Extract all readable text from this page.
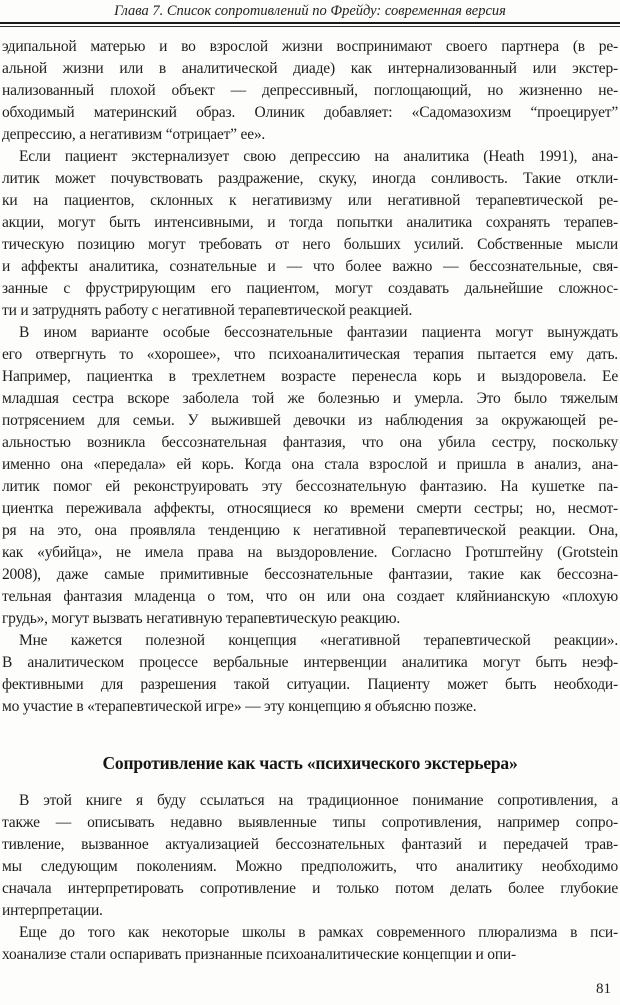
Глава 7. Список сопротивлений по Фрейду: современная версия
эдипальной матерью и во взрослой жизни воспринимают своего партнера (в ре-
альной жизни или в аналитической диаде) как интернализованный или экстер-
нализованный плохой объект — депрессивный, поглощающий, но жизненно не-
обходимый материнский образ. Олиник добавляет: «Садомазохизм “проецирует”
депрессию, а негативизм “отрицает” ее».
Если пациент экстернализует свою депрессию на аналитика (Heath 1991), ана-
литик может почувствовать раздражение, скуку, иногда сонливость. Такие откли-
ки на пациентов, склонных к негативизму или негативной терапевтической ре-
акции, могут быть интенсивными, и тогда попытки аналитика сохранять терапев-
тическую позицию могут требовать от него больших усилий. Собственные мысли
и аффекты аналитика, сознательные и — что более важно — бессознательные, свя-
занные с фрустрирующим его пациентом, могут создавать дальнейшие сложнос-
ти и затруднять работу с негативной терапевтической реакцией.
В ином варианте особые бессознательные фантазии пациента могут вынуждать
его отвергнуть то «хорошее», что психоаналитическая терапия пытается ему дать.
Например, пациентка в трехлетнем возрасте перенесла корь и выздоровела. Ее
младшая сестра вскоре заболела той же болезнью и умерла. Это было тяжелым
потрясением для семьи. У выжившей девочки из наблюдения за окружающей ре-
альностью возникла бессознательная фантазия, что она убила сестру, поскольку
именно она «передала» ей корь. Когда она стала взрослой и пришла в анализ, ана-
литик помог ей реконструировать эту бессознательную фантазию. На кушетке па-
циентка переживала аффекты, относящиеся ко времени смерти сестры; но, несмот-
ря на это, она проявляла тенденцию к негативной терапевтической реакции. Она,
как «убийца», не имела права на выздоровление. Согласно Гротштейну (Grotstein
2008), даже самые примитивные бессознательные фантазии, такие как бессозна-
тельная фантазия младенца о том, что он или она создает кляйнианскую «плохую
грудь», могут вызвать негативную терапевтическую реакцию.
Мне кажется полезной концепция «негативной терапевтической реакции».
В аналитическом процессе вербальные интервенции аналитика могут быть неэф-
фективными для разрешения такой ситуации. Пациенту может быть необходи-
мо участие в «терапевтической игре» — эту концепцию я объясню позже.
Сопротивление как часть «психического экстерьера»
В этой книге я буду ссылаться на традиционное понимание сопротивления, а
также — описывать недавно выявленные типы сопротивления, например сопро-
тивление, вызванное актуализацией бессознательных фантазий и передачей трав-
мы следующим поколениям. Можно предположить, что аналитику необходимо
сначала интерпретировать сопротивление и только потом делать более глубокие
интерпретации.
Еще до того как некоторые школы в рамках современного плюрализма в пси-
хоанализе стали оспаривать признанные психоаналитические концепции и опи-
81
